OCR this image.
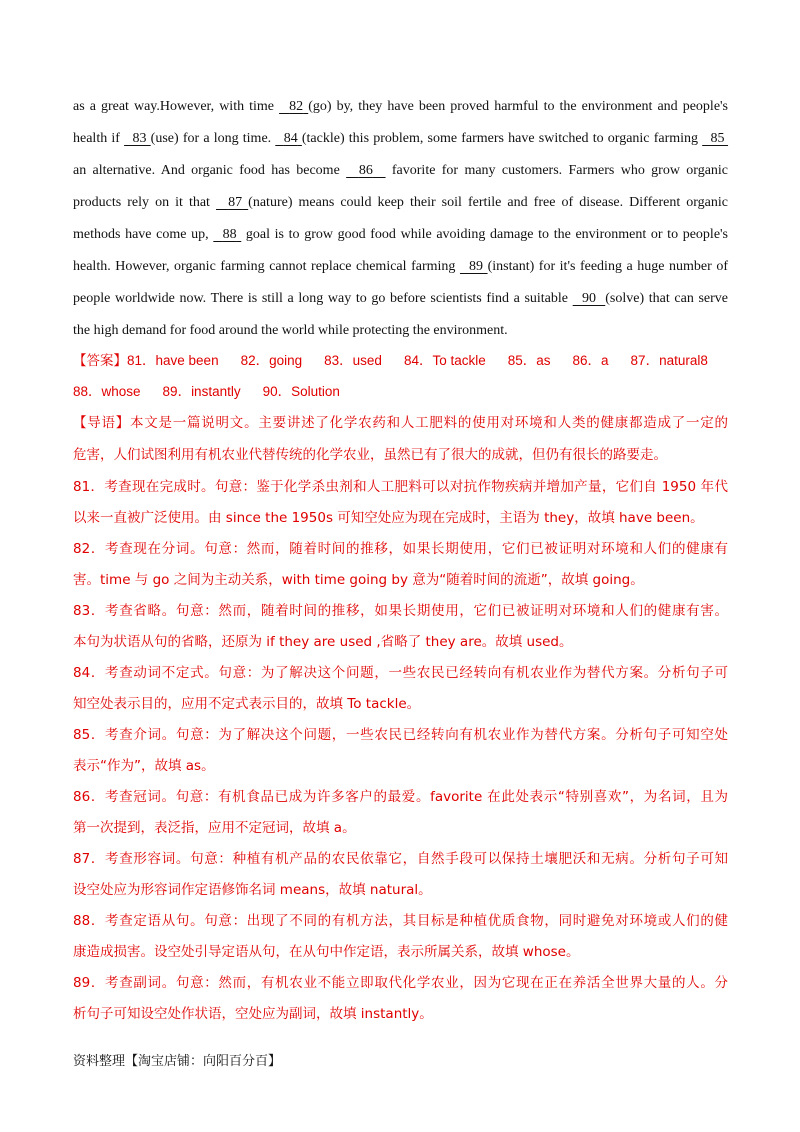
as a great way.However, with time   82 (go) by, they have been proved harmful to the environment and people's
health if   83 (use) for a long time.   84 (tackle) this problem, some farmers have switched to organic farming   85
an alternative. And organic food has become   86   favorite for many customers. Farmers who grow organic
products rely on it that   87 (nature) means could keep their soil fertile and free of disease. Different organic
methods have come up,   88  goal is to grow good food while avoiding damage to the environment or to people's
health. However, organic farming cannot replace chemical farming   89 (instant) for it's feeding a huge number of
people worldwide now. There is still a long way to go before scientists find a suitable   90 (solve) that can serve
the high demand for food around the world while protecting the environment.
【答案】81．have been 82．going 83．used 84．To tackle 85．as 86．a 87．natural8
88．whose 89．instantly 90．Solution
【导语】本文是一篇说明文。主要讲述了化学农药和人工肥料的使用对环境和人类的健康都造成了一定的
危害，人们试图利用有机农业代替传统的化学农业，虽然已有了很大的成就，但仍有很长的路要走。
81．考查现在完成时。句意：鉴于化学杀虫剂和人工肥料可以对抗作物疾病并增加产量，它们自 1950 年代
以来一直被广泛使用。由 since the 1950s 可知空处应为现在完成时，主语为 they，故填 have been。
82．考查现在分词。句意：然而，随着时间的推移，如果长期使用，它们已被证明对环境和人们的健康有
害。time 与 go 之间为主动关系，with time going by 意为“随着时间的流逝”，故填 going。
83．考查省略。句意：然而，随着时间的推移，如果长期使用，它们已被证明对环境和人们的健康有害。
本句为状语从句的省略，还原为 if they are used ,省略了 they are。故填 used。
84．考查动词不定式。句意：为了解决这个问题，一些农民已经转向有机农业作为替代方案。分析句子可
知空处表示目的，应用不定式表示目的，故填 To tackle。
85．考查介词。句意：为了解决这个问题，一些农民已经转向有机农业作为替代方案。分析句子可知空处
表示“作为”，故填 as。
86．考查冠词。句意：有机食品已成为许多客户的最爱。favorite 在此处表示“特别喜欢”，为名词，且为
第一次提到，表泛指，应用不定冠词，故填 a。
87．考查形容词。句意：种植有机产品的农民依靠它，自然手段可以保持土壤肥沃和无病。分析句子可知
设空处应为形容词作定语修饰名词 means，故填 natural。
88．考查定语从句。句意：出现了不同的有机方法，其目标是种植优质食物，同时避免对环境或人们的健
康造成损害。设空处引导定语从句，在从句中作定语，表示所属关系，故填 whose。
89．考查副词。句意：然而，有机农业不能立即取代化学农业，因为它现在正在养活全世界大量的人。分
析句子可知设空处作状语，空处应为副词，故填 instantly。
资料整理【淘宝店铺：向阳百分百】
